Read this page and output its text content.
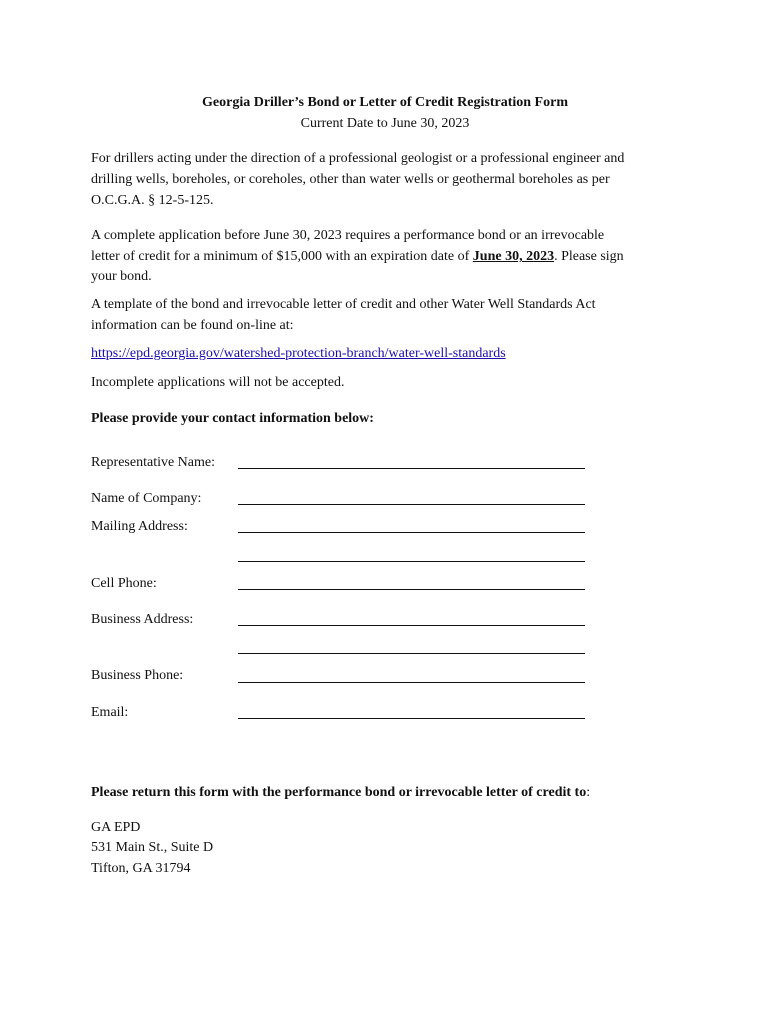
Georgia Driller’s Bond or Letter of Credit Registration Form
Current Date to June 30, 2023
For drillers acting under the direction of a professional geologist or a professional engineer and
drilling wells, boreholes, or coreholes, other than water wells or geothermal boreholes as per
O.C.G.A. § 12-5-125.
A complete application before June 30, 2023 requires a performance bond or an irrevocable
letter of credit for a minimum of $15,000 with an expiration date of June 30, 2023. Please sign
your bond.
A template of the bond and irrevocable letter of credit and other Water Well Standards Act
information can be found on-line at:
https://epd.georgia.gov/watershed-protection-branch/water-well-standards
Incomplete applications will not be accepted.
Please provide your contact information below:
Representative Name:
Name of Company:
Mailing Address:
Cell Phone:
Business Address:
Business Phone:
Email:
Please return this form with the performance bond or irrevocable letter of credit to:
GA EPD
531 Main St., Suite D
Tifton, GA 31794
